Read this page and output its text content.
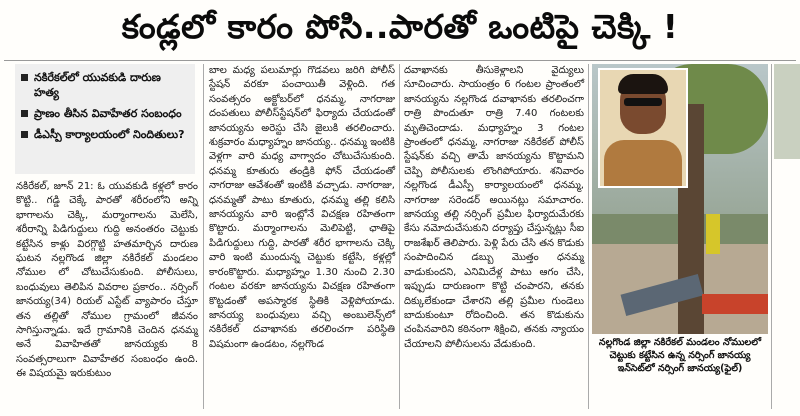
కండ్లలో కారం పోసి..పారతో ఒంటిపై చెక్కి !
నకిరేకల్‌లో యువకుడి దారుణ హత్య
ప్రాణం తీసిన వివాహేతర సంబంధం
డీఎస్పీ కార్యాలయంలో నిందితులు?
నకిరేకల్, జూన్ 21: ఓ యువకుడి కళ్లలో కారం కొట్టి.. గడ్డి చెక్కే పారతో శరీరంలోని అన్ని భాగాలను చెక్కి, మర్మాంగాలను మెలేసి, శరీరాన్ని పిడిగుద్దులు గుద్ది అనంతరం చెట్టుకు కట్టేసిన కాళ్లు విరగ్గొట్టి హతమార్చిన దారుణ ఘటన నల్లగొండ జిల్లా నకిరేకల్ మండలం నోముల లో చోటుచేసుకుంది. పోలీసులు, బంధువులు తెలిపిన వివరాల ప్రకారం.. నర్సింగ్ జానయ్య(34) రియల్ ఎస్టేట్ వ్యాపారం చేస్తూ తన తల్లితో నోముల గ్రామంలో జీవనం సాగిస్తున్నాడు. ఇదే గ్రామానికి చెందిన ధనమ్మ అనే వివాహితతో జానయ్యకు 8 సంవత్సరాలుగా వివాహేతర సంబంధం ఉంది. ఈ విషయమై ఇరుకుటుం
బాల మధ్య పలుమార్లు గొడవలు జరిగి పోలీస్ స్టేషన్ వరకూ పంచాయితీ వెళ్లింది. గత సంవత్సరం అక్టోబర్‌లో ధనమ్మ, నాగరాజు దంపతులు పోలీస్‌స్టేషన్‌లో ఫిర్యాదు చేయడంతో జానయ్యను అరెస్టు చేసి జైలుకి తరలించారు. శుక్రవారం మధ్యాహ్నం జానయ్య.. ధనమ్మ ఇంటికి వెళ్లగా వారి మధ్య వాగ్వాదం చోటుచేసుకుంది. ధనమ్మ కూతురు తండ్రికి ఫోన్ చేయడంతో నాగరాజు ఆవేశంతో ఇంటికి వచ్చాడు. నాగరాజు, ధనమ్మతో పాటు కూతురు, ధనమ్మ తల్లి కలిసి జానయ్యను వారి ఇంట్లోనే విచక్షణ రహితంగా కొట్టారు. మర్మాంగాలను మెలిపెట్టి, ఛాతిపై పిడిగుద్దులు గుద్ది, పారతో శరీర భాగాలను చెక్కి వారి ఇంటి ముందున్న చెట్టుకు కట్టేసి, కళ్లల్లో కారంకొట్టారు. మధ్యాహ్నం 1.30 నుంచి 2.30 గంటల వరకూ జానయ్యను విచక్షణ రహితంగా కొట్టడంతో అపస్మారక స్థితికి వెళ్లిపోయాడు. జానయ్య బంధువులు వచ్చి అంబులెన్స్‌లో నకిరేకల్ దవాఖానకు తరలించగా పరిస్థితి విషమంగా ఉండటం, నల్లగొండ
దవాఖానకు తీసుకెళ్లాలని వైద్యులు సూచించారు. సాయంత్రం 6 గంటల ప్రాంతంలో జానయ్యను నల్లగొండ దవాఖానకు తరలించగా రాత్రి పొందుతూ రాత్రి 7.40 గంటలకు మృతిచెందాడు. మధ్యాహ్నం 3 గంటల ప్రాంతంలో ధనమ్మ, నాగరాజు నకిరేకల్ పోలీస్ స్టేషన్‌కు వచ్చి తామే జానయ్యను కొట్టామని చెప్పి పోలీసులకు లొంగిపోయారు. శనివారం నల్లగొండ డీఎస్పీ కార్యాలయంలో ధనమ్మ, నాగరాజు సరెండర్ అయినట్లు సమాచారం. జానయ్య తల్లి నర్సింగ్ ప్రమీల ఫిర్యాదుమేరకు కేసు నమోదుచేసుకుని దర్యాప్తు చేస్తున్నట్లు సీఐ రాజశేఖర్ తెలిపారు. పెళ్లి పేరు చేసి తన కొడుకు సంపాదించిన డబ్బు మొత్తం ధనమ్మ వాడుకుందని, ఎనిమిదేళ్ల పాటు ఆగం చేసి, ఇప్పుడు దారుణంగా కొట్టి చంపారని, తనకు దిక్కులేకుండా చేశారని తల్లి ప్రమీల గుండెలు బాదుకుంటూ రోదించింది. తన కొడుకును చంపినవారిని కఠినంగా శిక్షించి, తనకు న్యాయం చేయాలని పోలీసులను వేడుకుంది.	నల్లగొండ జిల్లా నకిరేకల్ మండలం నోములలో చెట్టుకు కట్టేసిన ఉన్న నర్సింగ్ జానయ్య ఇన్‌సెట్‌లో నర్సింగ్ జానయ్య(ఫైల్)
